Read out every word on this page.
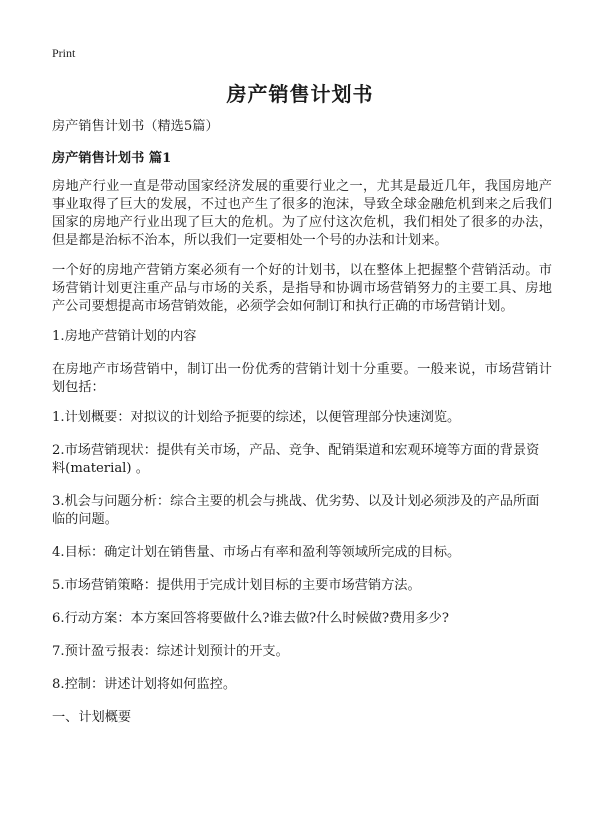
Print
房产销售计划书

房产销售计划书（精选5篇）

房产销售计划书 篇1

房地产行业一直是带动国家经济发展的重要行业之一，尤其是最近几年，我国房地产事业取得了巨大的发展，不过也产生了很多的泡沫，导致全球金融危机到来之后我们国家的房地产行业出现了巨大的危机。为了应付这次危机，我们相处了很多的办法，但是都是治标不治本，所以我们一定要相处一个号的办法和计划来。

一个好的房地产营销方案必须有一个好的计划书，以在整体上把握整个营销活动。市场营销计划更注重产品与市场的关系，是指导和协调市场营销努力的主要工具、房地产公司要想提高市场营销效能，必须学会如何制订和执行正确的市场营销计划。

1.房地产营销计划的内容

在房地产市场营销中，制订出一份优秀的营销计划十分重要。一般来说，市场营销计划包括：

1.计划概要：对拟议的计划给予扼要的综述，以便管理部分快速浏览。

2.市场营销现状：提供有关市场，产品、竞争、配销渠道和宏观环境等方面的背景资料(material) 。

3.机会与问题分析：综合主要的机会与挑战、优劣势、以及计划必须涉及的产品所面临的问题。

4.目标：确定计划在销售量、市场占有率和盈利等领域所完成的目标。

5.市场营销策略：提供用于完成计划目标的主要市场营销方法。

6.行动方案：本方案回答将要做什么?谁去做?什么时候做?费用多少?

7.预计盈亏报表：综述计划预计的开支。

8.控制：讲述计划将如何监控。

一、计划概要
